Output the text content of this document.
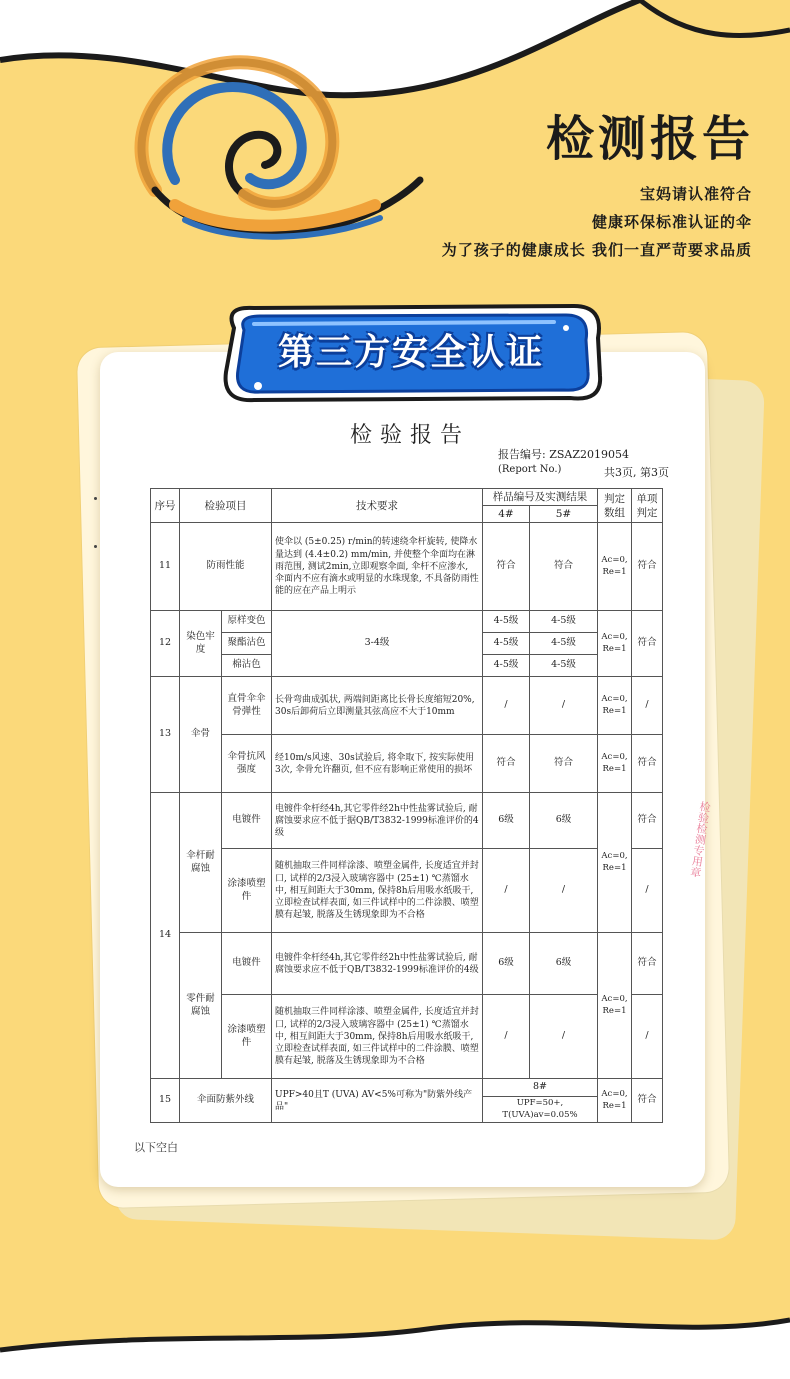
检测报告
宝妈请认准符合
健康环保标准认证的伞
为了孩子的健康成长 我们一直严苛要求品质
第三方安全认证
检验报告
报告编号: ZSAZ2019054
(Report No.)	共3页, 第3页
序号	检验项目		技术要求	样品编号及实测结果		判定数组	单项判定
				4#	5#		
11	防雨性能		使伞以 (5±0.25) r/min的转速绕伞杆旋转, 使降水量达到 (4.4±0.2) mm/min, 并使整个伞面均在淋雨范围, 测试2min,立即观察伞面, 伞杆不应渗水, 伞面内不应有滴水或明显的水珠现象, 不具备防雨性能的应在产品上明示	符合	符合	Ac=0, Re=1	符合
12	染色牢度	原样变色	3-4级	4-5级	4-5级	Ac=0, Re=1	符合
		聚酯沾色		4-5级	4-5级		
		棉沾色		4-5级	4-5级		
13	伞骨	直骨伞伞骨弹性	长骨弯曲成弧状, 两端间距离比长骨长度缩短20%, 30s后卸荷后立即测量其弦高应不大于10mm	/	/	Ac=0, Re=1	/
		伞骨抗风强度	经10m/s风速、30s试验后, 将伞取下, 按实际使用3次, 伞骨允许翻页, 但不应有影响正常使用的损坏	符合	符合	Ac=0, Re=1	符合
14	伞杆耐腐蚀	电镀件	电镀件伞杆经4h,其它零件经2h中性盐雾试验后, 耐腐蚀要求应不低于据QB/T3832-1999标准评价的4级	6级	6级	Ac=0, Re=1	符合
		涂漆喷塑件	随机抽取三件同样涂漆、喷塑金属件, 长度适宜并封口, 试样的2/3浸入玻璃容器中 (25±1) ℃蒸馏水中, 相互间距大于30mm, 保持8h后用吸水纸吸干, 立即检查试样表面, 如三件试样中的二件涂膜、喷塑膜有起皱, 脱落及生锈现象即为不合格	/	/		/
	零件耐腐蚀	电镀件	电镀件伞杆经4h,其它零件经2h中性盐雾试验后, 耐腐蚀要求应不低于QB/T3832-1999标准评价的4级	6级	6级	Ac=0, Re=1	符合
		涂漆喷塑件	随机抽取三件同样涂漆、喷塑金属件, 长度适宜并封口, 试样的2/3浸入玻璃容器中 (25±1) ℃蒸馏水中, 相互间距大于30mm, 保持8h后用吸水纸吸干, 立即检查试样表面, 如三件试样中的二件涂膜、喷塑膜有起皱, 脱落及生锈现象即为不合格	/	/		/
15	伞面防紫外线		UPF>40且T (UVA) AV<5%可称为"防紫外线产品"	8#		Ac=0, Re=1	符合
				UPF=50+, T(UVA)av=0.05%			
以下空白
检验检测专用章
